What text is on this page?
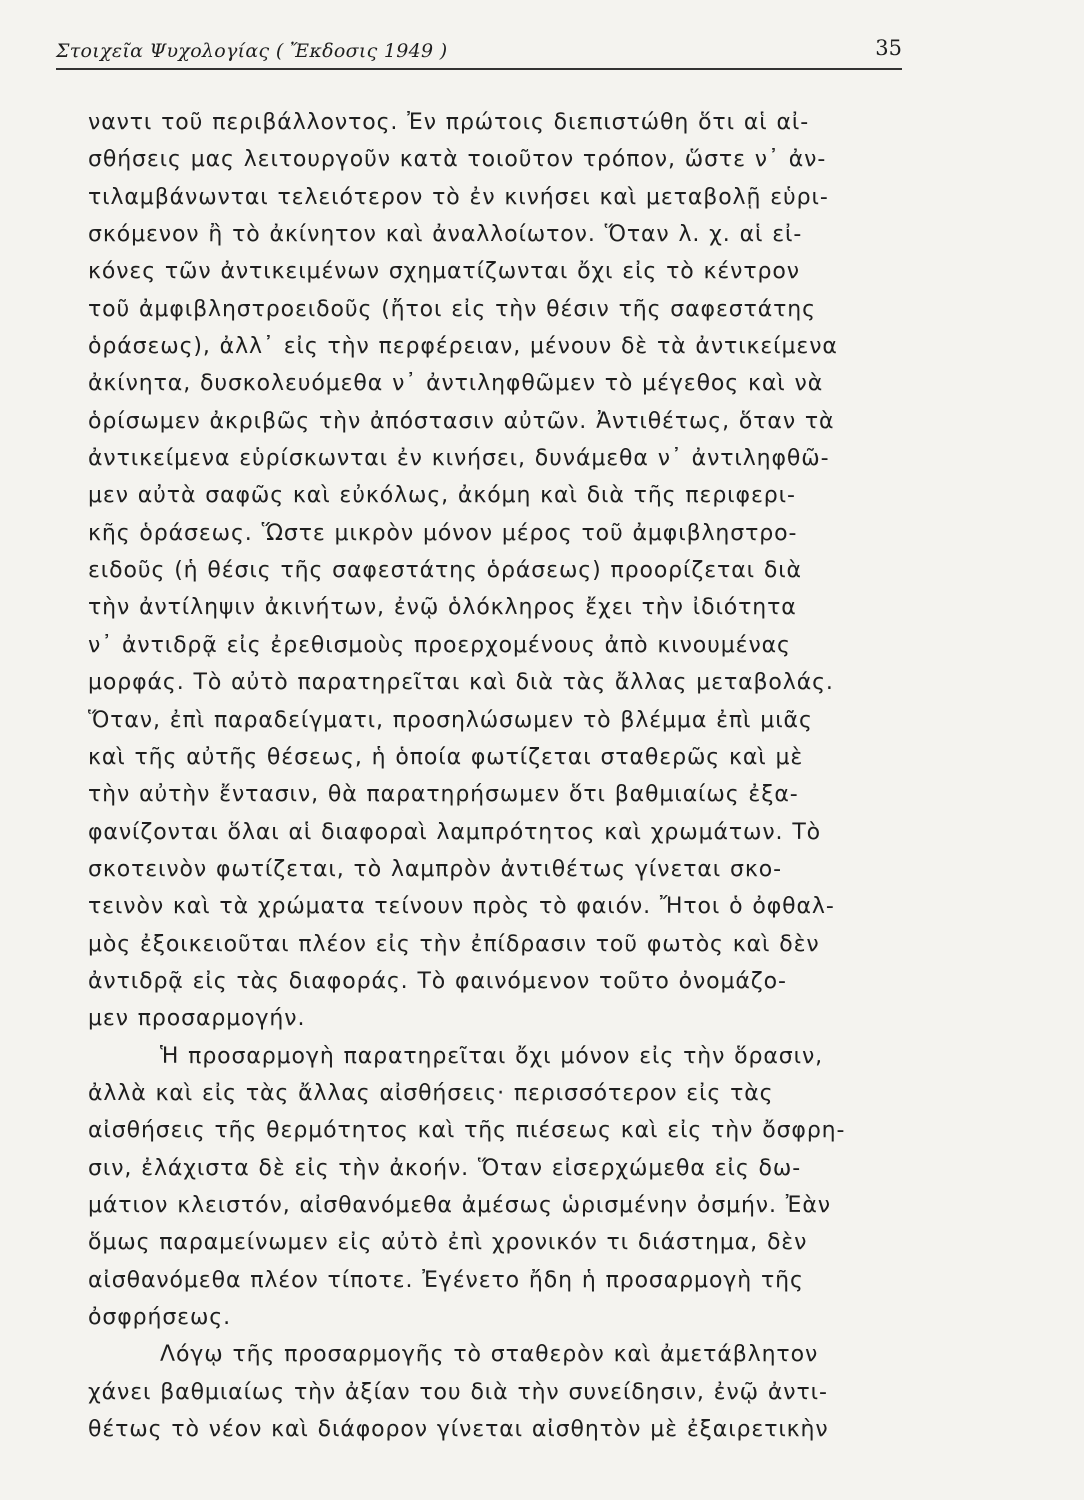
Στοιχεῖα Ψυχολογίας ( Ἔκδοσις 1949 )	35
ναντι τοῦ περιβάλλοντος. Ἐν πρώτοις διεπιστώθη ὅτι αἱ αἰ-
σθήσεις μας λειτουργοῦν κατὰ τοιοῦτον τρόπον, ὥστε ν᾽ ἀν-
τιλαμβάνωνται τελειότερον τὸ ἐν κινήσει καὶ μεταβολῇ εὑρι-
σκόμενον ἢ τὸ ἀκίνητον καὶ ἀναλλοίωτον. Ὅταν λ. χ. αἱ εἰ-
κόνες τῶν ἀντικειμένων σχηματίζωνται ὄχι εἰς τὸ κέντρον
τοῦ ἀμφιβληστροειδοῦς (ἤτοι εἰς τὴν θέσιν τῆς σαφεστάτης
ὁράσεως), ἀλλ᾽ εἰς τὴν περφέρειαν, μένουν δὲ τὰ ἀντικείμενα
ἀκίνητα, δυσκολευόμεθα ν᾽ ἀντιληφθῶμεν τὸ μέγεθος καὶ νὰ
ὁρίσωμεν ἀκριβῶς τὴν ἀπόστασιν αὐτῶν. Ἀντιθέτως, ὅταν τὰ
ἀντικείμενα εὑρίσκωνται ἐν κινήσει, δυνάμεθα ν᾽ ἀντιληφθῶ-
μεν αὐτὰ σαφῶς καὶ εὐκόλως, ἀκόμη καὶ διὰ τῆς περιφερι-
κῆς ὁράσεως. Ὥστε μικρὸν μόνον μέρος τοῦ ἀμφιβληστρο-
ειδοῦς (ἡ θέσις τῆς σαφεστάτης ὁράσεως) προορίζεται διὰ
τὴν ἀντίληψιν ἀκινήτων, ἐνῷ ὁλόκληρος ἔχει τὴν ἰδιότητα
ν᾽ ἀντιδρᾷ εἰς ἐρεθισμοὺς προερχομένους ἀπὸ κινουμένας
μορφάς. Τὸ αὐτὸ παρατηρεῖται καὶ διὰ τὰς ἄλλας μεταβολάς.
Ὅταν, ἐπὶ παραδείγματι, προσηλώσωμεν τὸ βλέμμα ἐπὶ μιᾶς
καὶ τῆς αὐτῆς θέσεως, ἡ ὁποία φωτίζεται σταθερῶς καὶ μὲ
τὴν αὐτὴν ἔντασιν, θὰ παρατηρήσωμεν ὅτι βαθμιαίως ἐξα-
φανίζονται ὅλαι αἱ διαφοραὶ λαμπρότητος καὶ χρωμάτων. Τὸ
σκοτεινὸν φωτίζεται, τὸ λαμπρὸν ἀντιθέτως γίνεται σκο-
τεινὸν καὶ τὰ χρώματα τείνουν πρὸς τὸ φαιόν. Ἤτοι ὁ ὀφθαλ-
μὸς ἐξοικειοῦται πλέον εἰς τὴν ἐπίδρασιν τοῦ φωτὸς καὶ δὲν
ἀντιδρᾷ εἰς τὰς διαφοράς. Τὸ φαινόμενον τοῦτο ὀνομάζο-
μεν προσαρμογήν.
Ἡ προσαρμογὴ παρατηρεῖται ὄχι μόνον εἰς τὴν ὅρασιν,
ἀλλὰ καὶ εἰς τὰς ἄλλας αἰσθήσεις· περισσότερον εἰς τὰς
αἰσθήσεις τῆς θερμότητος καὶ τῆς πιέσεως καὶ εἰς τὴν ὄσφρη-
σιν, ἐλάχιστα δὲ εἰς τὴν ἀκοήν. Ὅταν εἰσερχώμεθα εἰς δω-
μάτιον κλειστόν, αἰσθανόμεθα ἀμέσως ὡρισμένην ὀσμήν. Ἐὰν
ὅμως παραμείνωμεν εἰς αὐτὸ ἐπὶ χρονικόν τι διάστημα, δὲν
αἰσθανόμεθα πλέον τίποτε. Ἐγένετο ἤδη ἡ προσαρμογὴ τῆς
ὀσφρήσεως.
Λόγῳ τῆς προσαρμογῆς τὸ σταθερὸν καὶ ἀμετάβλητον
χάνει βαθμιαίως τὴν ἀξίαν του διὰ τὴν συνείδησιν, ἐνῷ ἀντι-
θέτως τὸ νέον καὶ διάφορον γίνεται αἰσθητὸν μὲ ἐξαιρετικὴν
